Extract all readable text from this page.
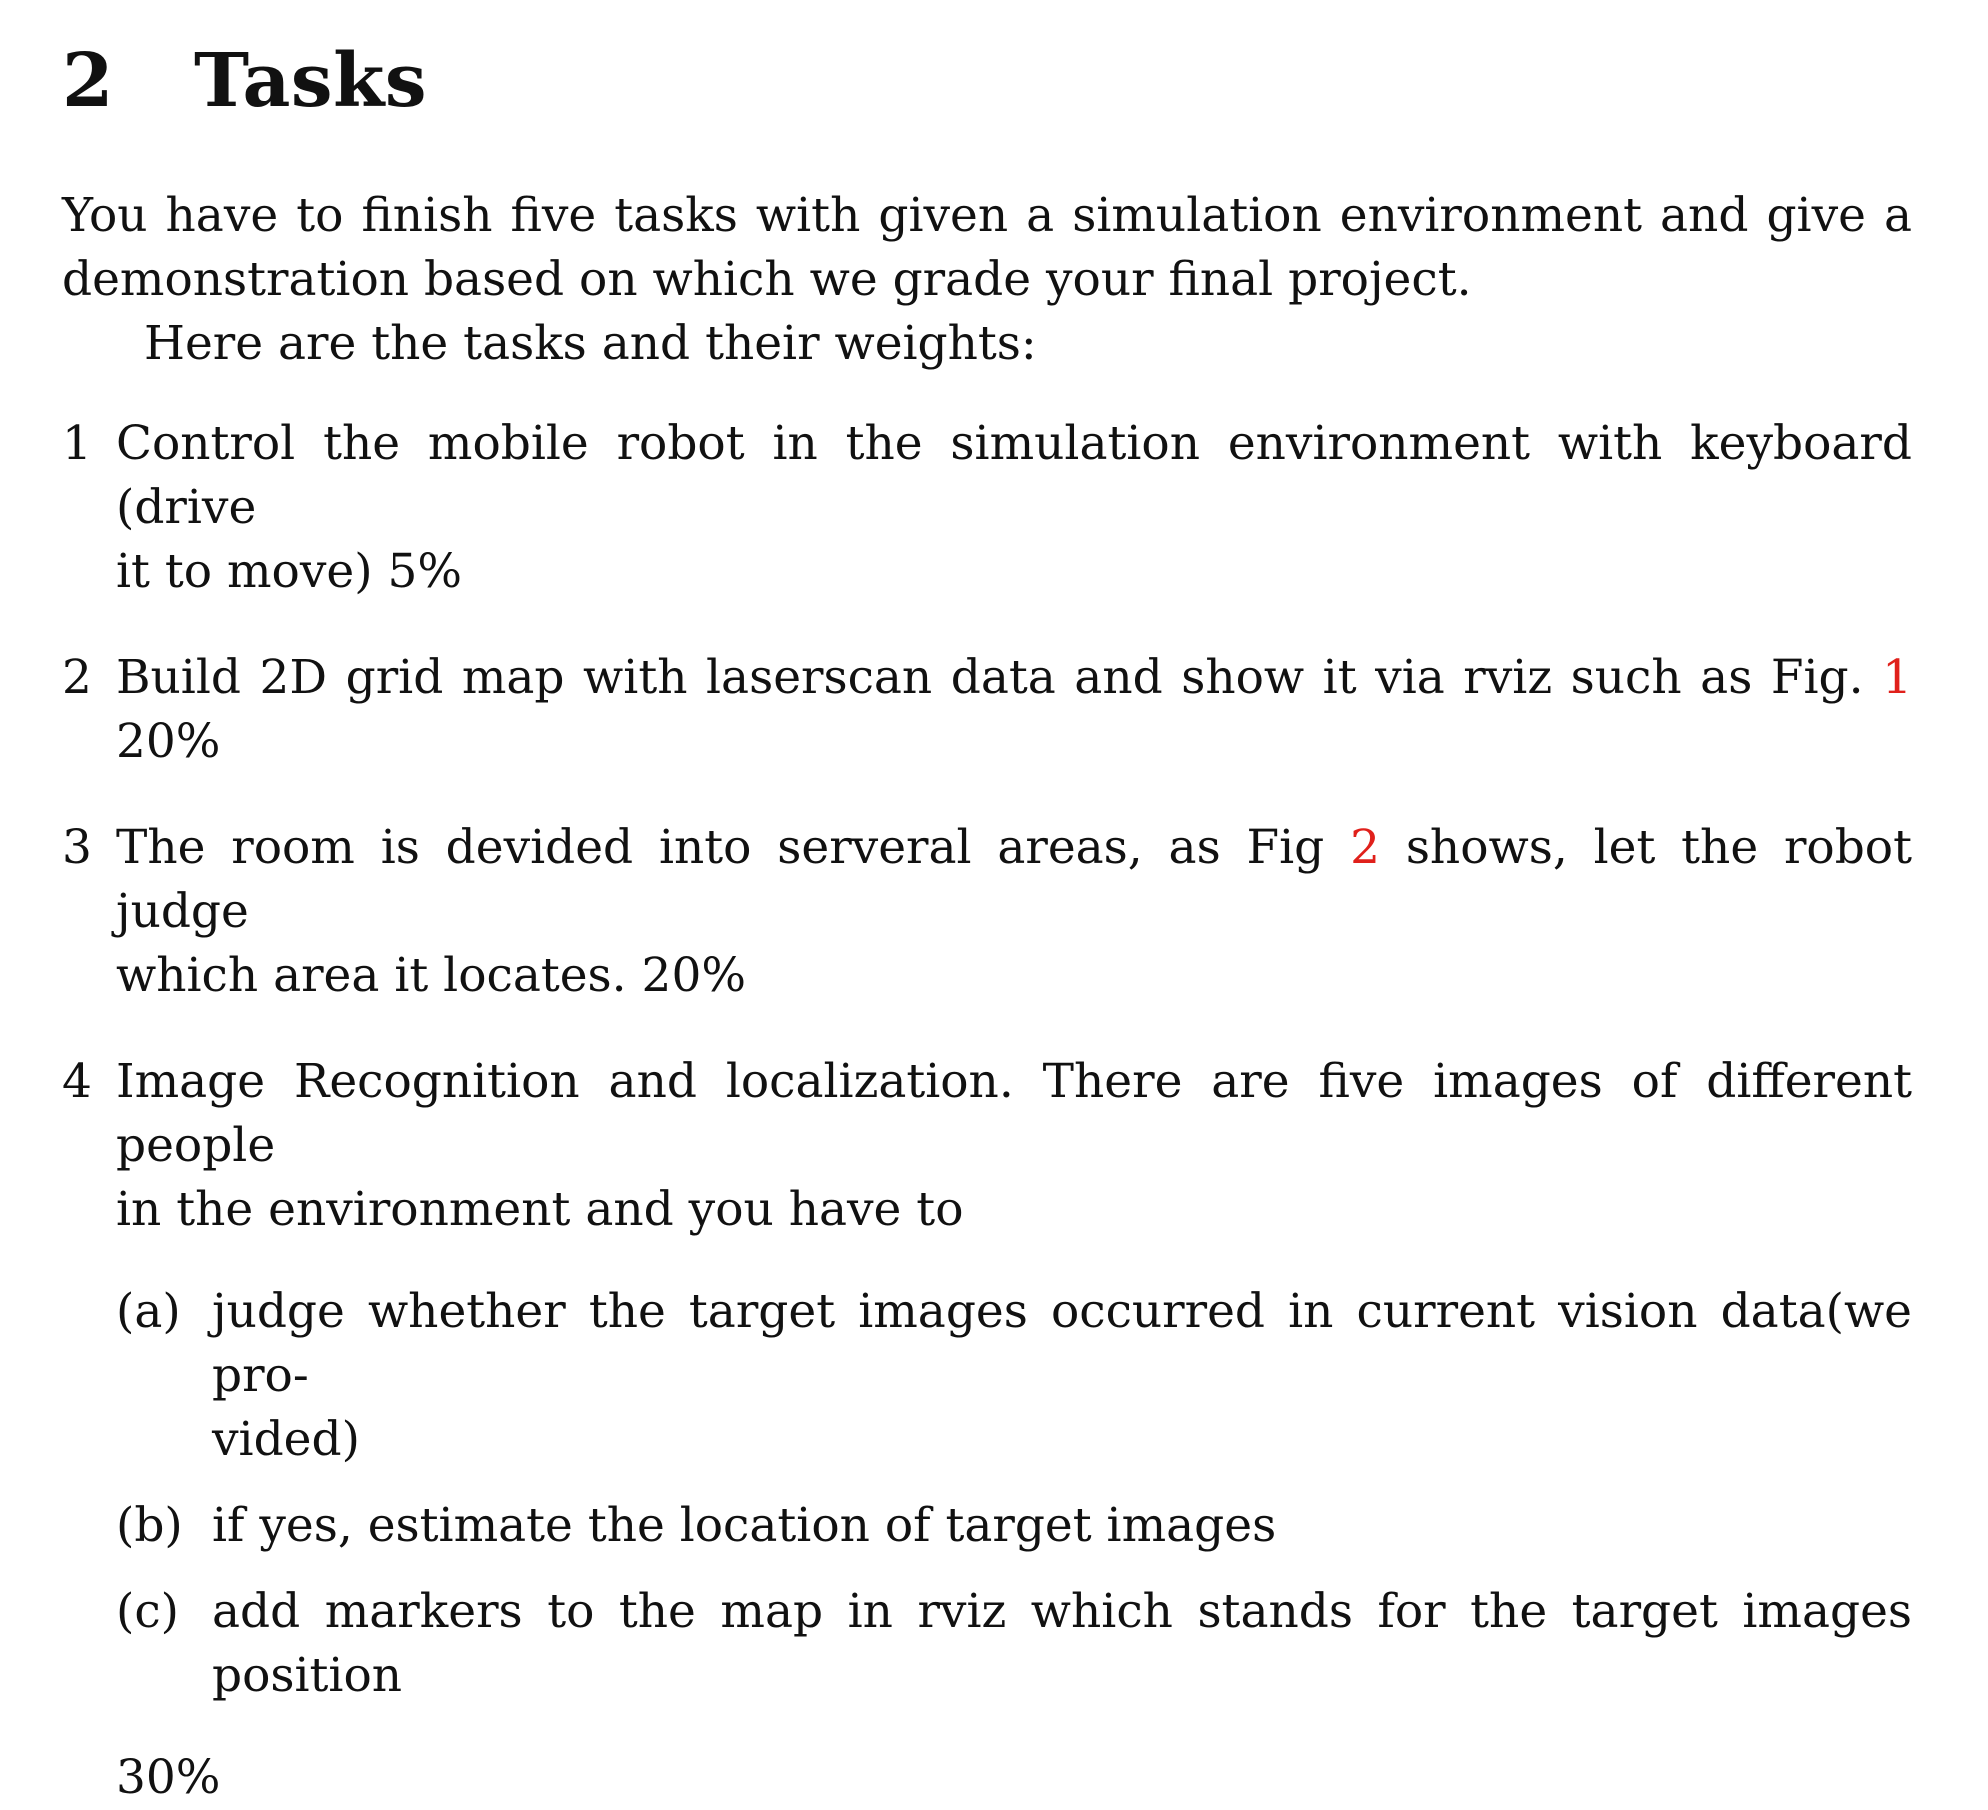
2	Tasks
You have to finish five tasks with given a simulation environment and give a
demonstration based on which we grade your final project.
Here are the tasks and their weights:
1 Control the mobile robot in the simulation environment with keyboard (drive
it to move) 5%
2 Build 2D grid map with laserscan data and show it via rviz such as Fig. 1
20%
3 The room is devided into serveral areas, as Fig 2 shows, let the robot judge
which area it locates. 20%
4 Image Recognition and localization. There are five images of different people
in the environment and you have to
(a) judge whether the target images occurred in current vision data(we pro-
vided)
(b) if yes, estimate the location of target images
(c) add markers to the map in rviz which stands for the target images position
30%
